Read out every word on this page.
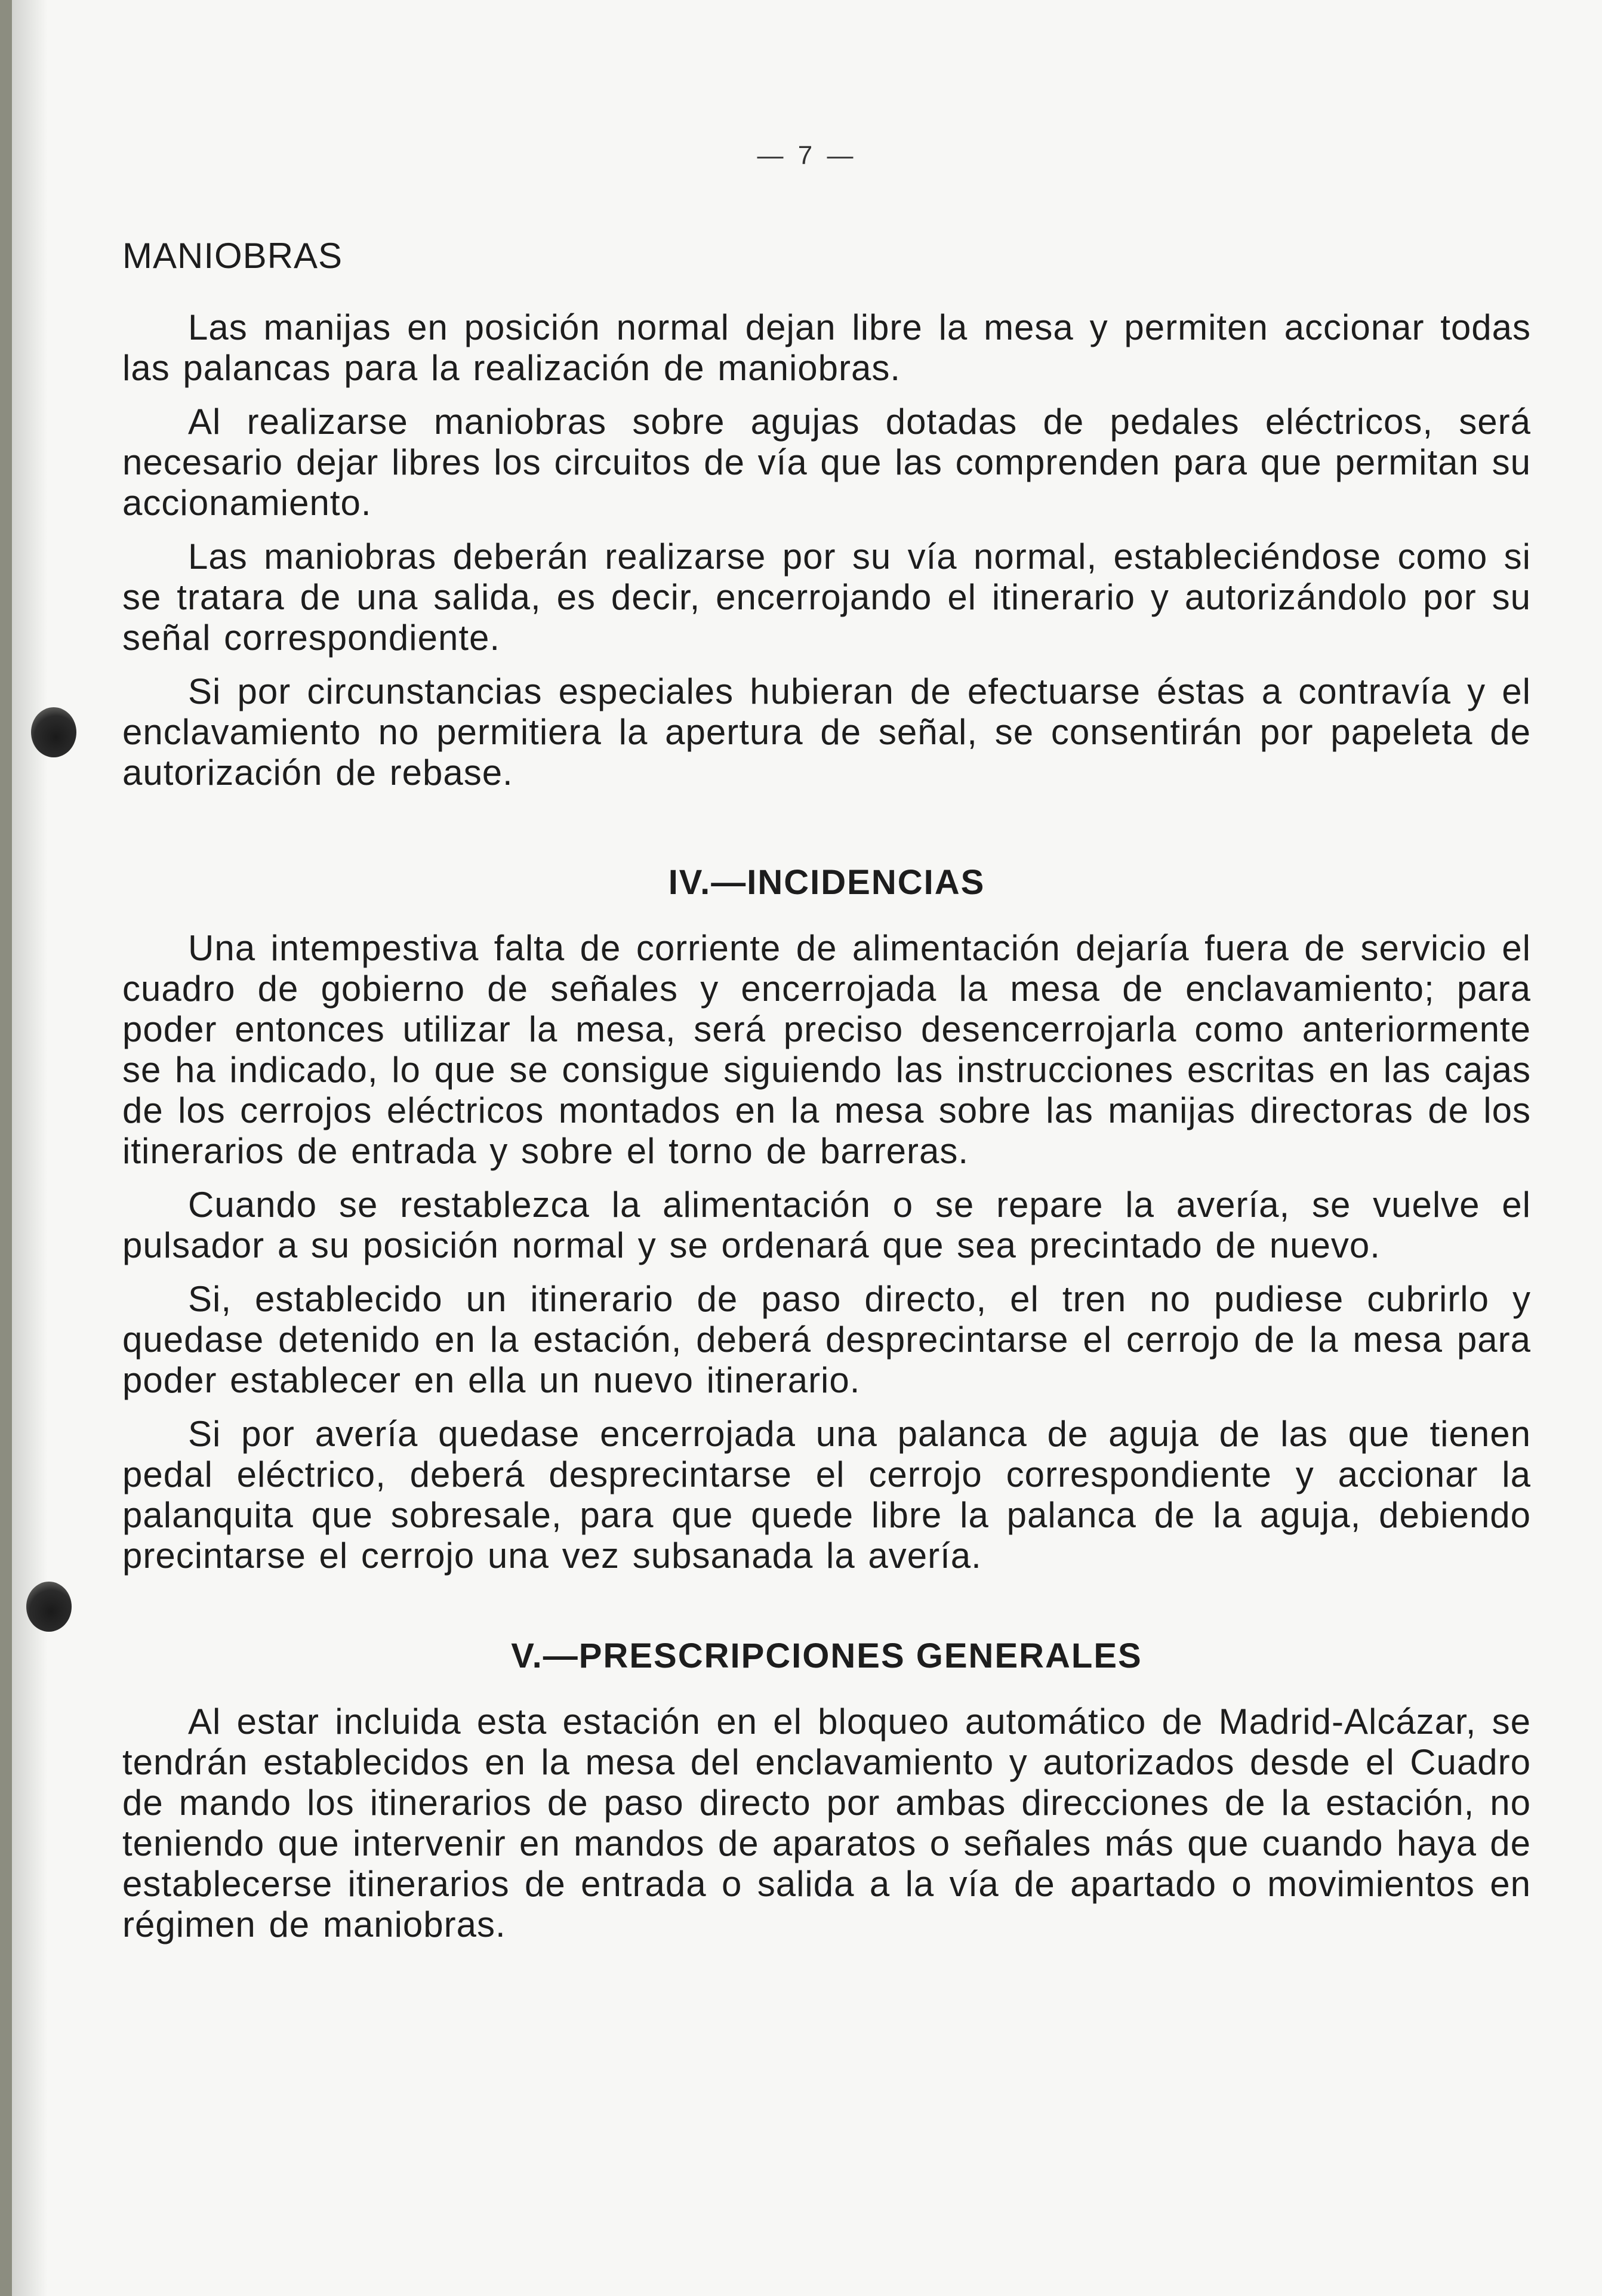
— 7 —
MANIOBRAS

Las manijas en posición normal dejan libre la mesa y permiten accionar todas las palancas para la realización de maniobras.

Al realizarse maniobras sobre agujas dotadas de pedales eléctricos, será necesario dejar libres los circuitos de vía que las comprenden para que permitan su accionamiento.

Las maniobras deberán realizarse por su vía normal, estableciéndose como si se tratara de una salida, es decir, encerrojando el itinerario y autorizándolo por su señal correspondiente.

Si por circunstancias especiales hubieran de efectuarse éstas a contravía y el enclavamiento no permitiera la apertura de señal, se consentirán por papeleta de autorización de rebase.

IV.—INCIDENCIAS

Una intempestiva falta de corriente de alimentación dejaría fuera de servicio el cuadro de gobierno de señales y encerrojada la mesa de enclavamiento; para poder entonces utilizar la mesa, será preciso desencerrojarla como anteriormente se ha indicado, lo que se consigue siguiendo las instrucciones escritas en las cajas de los cerrojos eléctricos montados en la mesa sobre las manijas directoras de los itinerarios de entrada y sobre el torno de barreras.

Cuando se restablezca la alimentación o se repare la avería, se vuelve el pulsador a su posición normal y se ordenará que sea precintado de nuevo.

Si, establecido un itinerario de paso directo, el tren no pudiese cubrirlo y quedase detenido en la estación, deberá desprecintarse el cerrojo de la mesa para poder establecer en ella un nuevo itinerario.

Si por avería quedase encerrojada una palanca de aguja de las que tienen pedal eléctrico, deberá desprecintarse el cerrojo correspondiente y accionar la palanquita que sobresale, para que quede libre la palanca de la aguja, debiendo precintarse el cerrojo una vez subsanada la avería.

V.—PRESCRIPCIONES GENERALES

Al estar incluida esta estación en el bloqueo automático de Madrid-Alcázar, se tendrán establecidos en la mesa del enclavamiento y autorizados desde el Cuadro de mando los itinerarios de paso directo por ambas direcciones de la estación, no teniendo que intervenir en mandos de aparatos o señales más que cuando haya de establecerse itinerarios de entrada o salida a la vía de apartado o movimientos en régimen de maniobras.
